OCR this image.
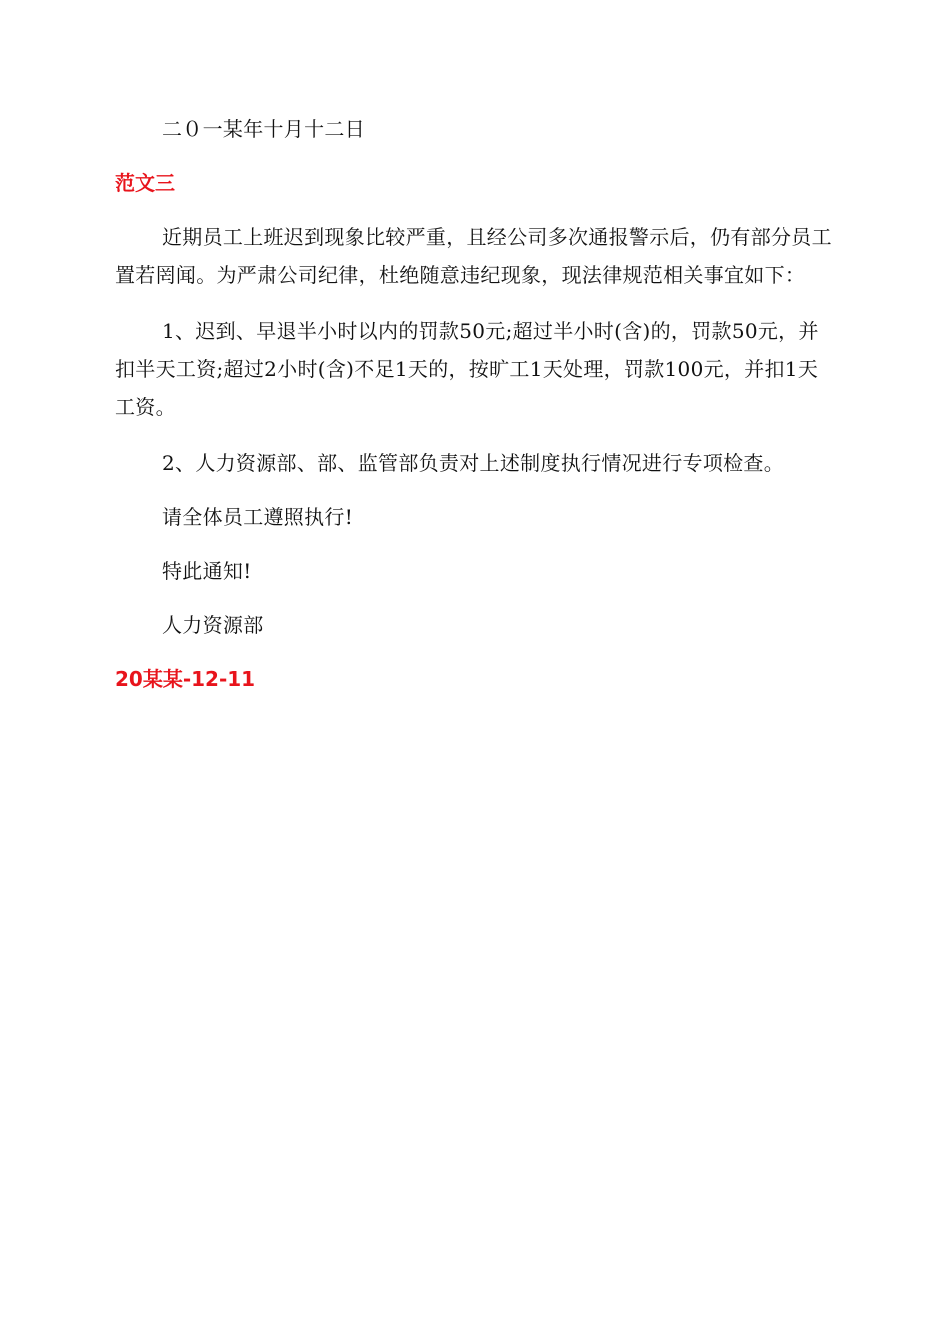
二０一某年十月十二日

范文三

近期员工上班迟到现象比较严重，且经公司多次通报警示后，仍有部分员工置若罔闻。为严肃公司纪律，杜绝随意违纪现象，现法律规范相关事宜如下：

1、迟到、早退半小时以内的罚款50元;超过半小时(含)的，罚款50元，并扣半天工资;超过2小时(含)不足1天的，按旷工1天处理，罚款100元，并扣1天工资。

2、人力资源部、部、监管部负责对上述制度执行情况进行专项检查。

请全体员工遵照执行!

特此通知!

人力资源部

20某某-12-11
